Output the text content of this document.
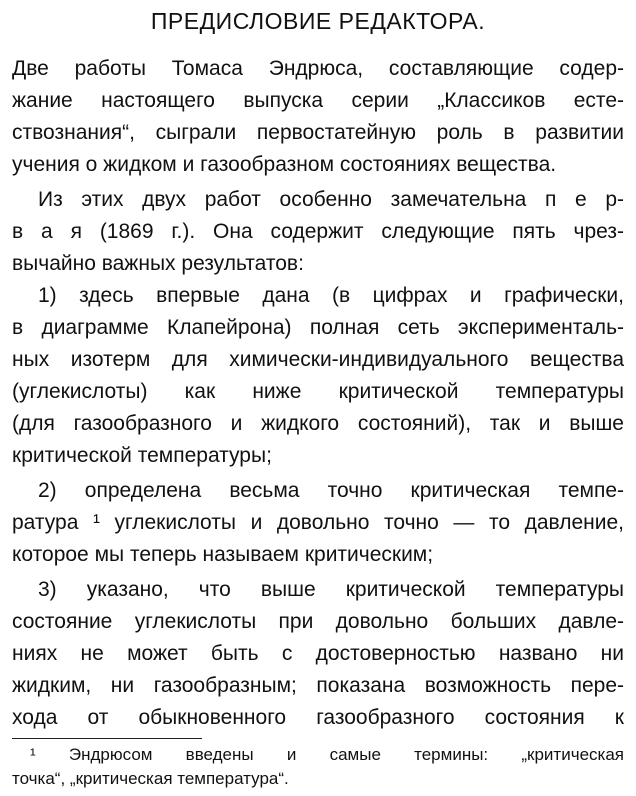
ПРЕДИСЛОВИЕ РЕДАКТОРА.
Две работы Томаса Эндрюса, составляющие содер-
жание настоящего выпуска серии „Классиков есте-
ствознания“, сыграли первостатейную роль в развитии
учения о жидком и газообразном состояниях вещества.
Из этих двух работ особенно замечательна п е р-
в а я (1869 г.). Она содержит следующие пять чрез-
вычайно важных результатов:
1) здесь впервые дана (в цифрах и графически,
в диаграмме Клапейрона) полная сеть эксперименталь-
ных изотерм для химически-индивидуального вещества
(углекислоты) как ниже критической температуры
(для газообразного и жидкого состояний), так и выше
критической температуры;
2) определена весьма точно критическая темпе-
ратура ¹ углекислоты и довольно точно — то давление,
которое мы теперь называем критическим;
3) указано, что выше критической температуры
состояние углекислоты при довольно больших давле-
ниях не может быть с достоверностью названо ни
жидким, ни газообразным; показана возможность пере-
хода от обыкновенного газообразного состояния к
¹ Эндрюсом введены и самые термины: „критическая
точка“, „критическая температура“.
